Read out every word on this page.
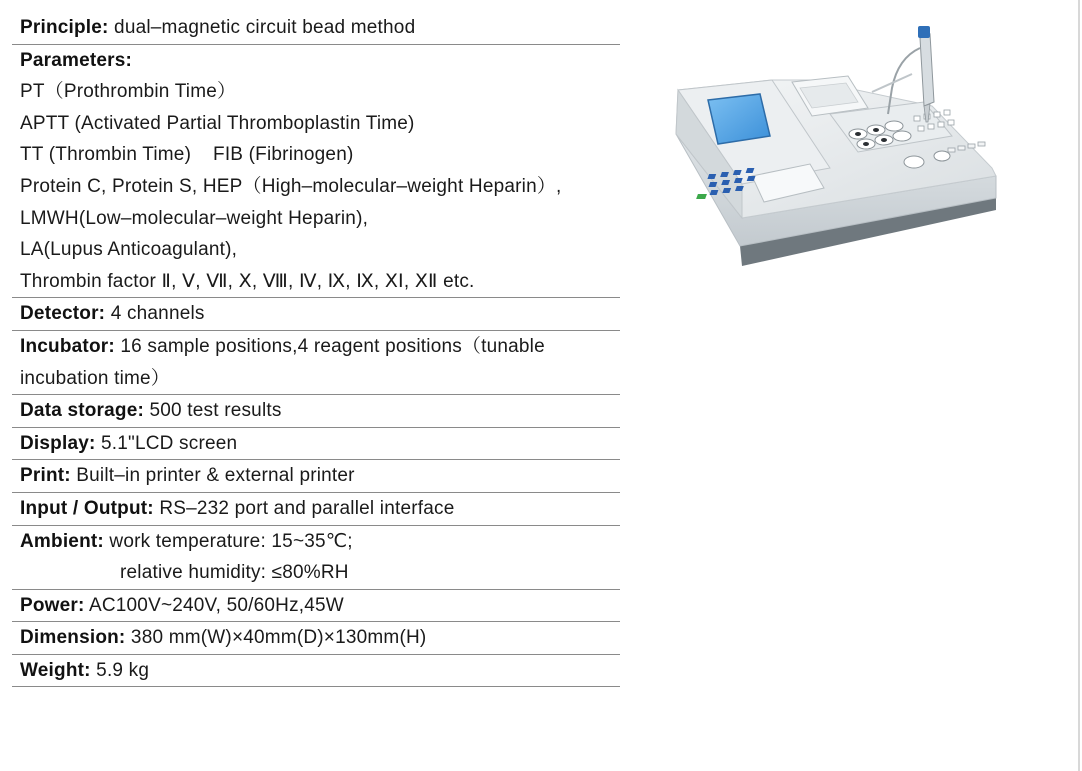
Principle: dual–magnetic circuit bead method
Parameters:
PT（Prothrombin Time）
APTT (Activated Partial Thromboplastin Time)
TT (Thrombin Time)    FIB (Fibrinogen)
Protein C, Protein S, HEP（High–molecular–weight Heparin）,
LMWH(Low–molecular–weight Heparin),
LA(Lupus Anticoagulant),
Thrombin factor Ⅱ, Ⅴ, Ⅶ, Ⅹ, Ⅷ, Ⅳ, Ⅸ, Ⅸ, ⅩⅠ, ⅩⅡ etc.
Detector: 4 channels
Incubator: 16 sample positions,4 reagent positions（tunable
incubation time）
Data storage: 500 test results
Display: 5.1"LCD screen
Print: Built–in printer & external printer
Input / Output: RS–232 port and parallel interface
Ambient: work temperature: 15~35℃;
relative humidity: ≤80%RH
Power: AC100V~240V, 50/60Hz,45W
Dimension: 380 mm(W)×40mm(D)×130mm(H)
Weight: 5.9 kg
